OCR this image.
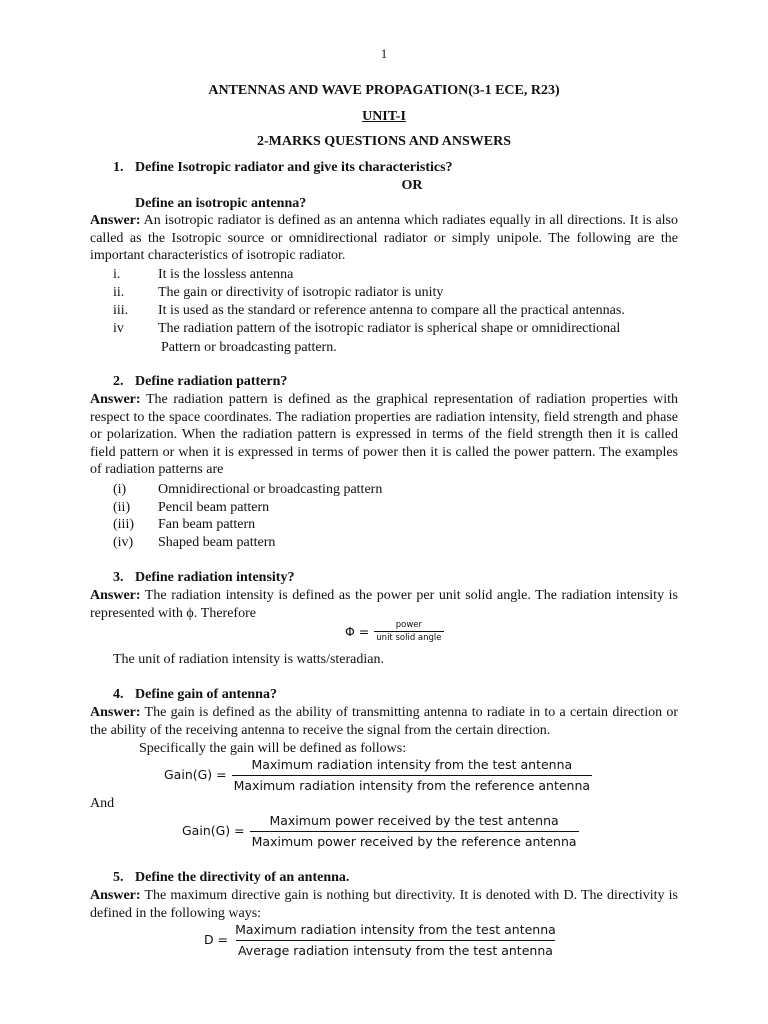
1
ANTENNAS AND WAVE PROPAGATION(3-1 ECE, R23)
UNIT-I
2-MARKS QUESTIONS AND ANSWERS
1. Define Isotropic radiator and give its characteristics?
OR
Define an isotropic antenna?
Answer: An isotropic radiator is defined as an antenna which radiates equally in all directions. It is also called as the Isotropic source or omnidirectional radiator or simply unipole. The following are the important characteristics of isotropic radiator.
i.	It is the lossless antenna
ii. The gain or directivity of isotropic radiator is unity
iii. It is used as the standard or reference antenna to compare all the practical antennas.
iv The radiation pattern of the isotropic radiator is spherical shape or omnidirectional
Pattern or broadcasting pattern.
2. Define radiation pattern?
Answer: The radiation pattern is defined as the graphical representation of radiation properties with respect to the space coordinates. The radiation properties are radiation intensity, field strength and phase or polarization. When the radiation pattern is expressed in terms of the field strength then it is called field pattern or when it is expressed in terms of power then it is called the power pattern. The examples of radiation patterns are
(i) Omnidirectional or broadcasting pattern
(ii) Pencil beam pattern
(iii) Fan beam pattern
(iv) Shaped beam pattern
3. Define radiation intensity?
Answer: The radiation intensity is defined as the power per unit solid angle. The radiation intensity is represented with ϕ. Therefore
$\Phi = \frac{\text{power}}{\text{unit solid angle}}$
The unit of radiation intensity is watts/steradian.
4. Define gain of antenna?
Answer: The gain is defined as the ability of transmitting antenna to radiate in to a certain direction or the ability of the receiving antenna to receive the signal from the certain direction.
Specifically the gain will be defined as follows:
Gain(G) = $\frac{\text{Maximum radiation intensity from the test antenna}}{\text{Maximum radiation intensity from the reference antenna}}$
And
Gain(G) = $\frac{\text{Maximum power received by the test antenna}}{\text{Maximum power received by the reference antenna}}$
5. Define the directivity of an antenna.
Answer: The maximum directive gain is nothing but directivity. It is denoted with D. The directivity is defined in the following ways:
$D = \frac{\text{Maximum radiation intensity from the test antenna}}{\text{Average radiation intensuty from the test antenna}}$
